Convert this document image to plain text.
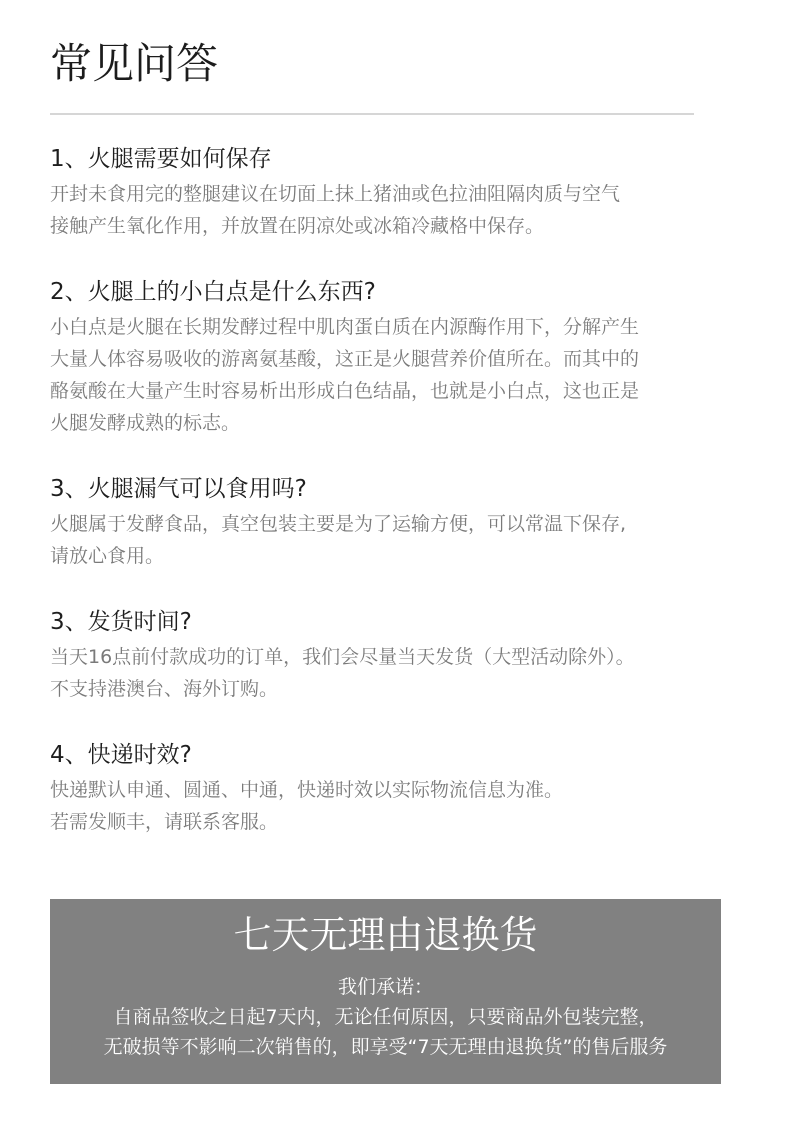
常见问答

1、火腿需要如何保存

开封未食用完的整腿建议在切面上抹上猪油或色拉油阻隔肉质与空气
接触产生氧化作用，并放置在阴凉处或冰箱冷藏格中保存。

2、火腿上的小白点是什么东西?

小白点是火腿在长期发酵过程中肌肉蛋白质在内源酶作用下，分解产生
大量人体容易吸收的游离氨基酸，这正是火腿营养价值所在。而其中的
酪氨酸在大量产生时容易析出形成白色结晶，也就是小白点，这也正是
火腿发酵成熟的标志。

3、火腿漏气可以食用吗?

火腿属于发酵食品，真空包装主要是为了运输方便，可以常温下保存,
请放心食用。

3、发货时间?

当天16点前付款成功的订单，我们会尽量当天发货（大型活动除外）。
不支持港澳台、海外订购。

4、快递时效?

快递默认申通、圆通、中通，快递时效以实际物流信息为准。
若需发顺丰，请联系客服。

七天无理由退换货
我们承诺：
自商品签收之日起7天内，无论任何原因，只要商品外包装完整，
无破损等不影响二次销售的，即享受“7天无理由退换货”的售后服务
